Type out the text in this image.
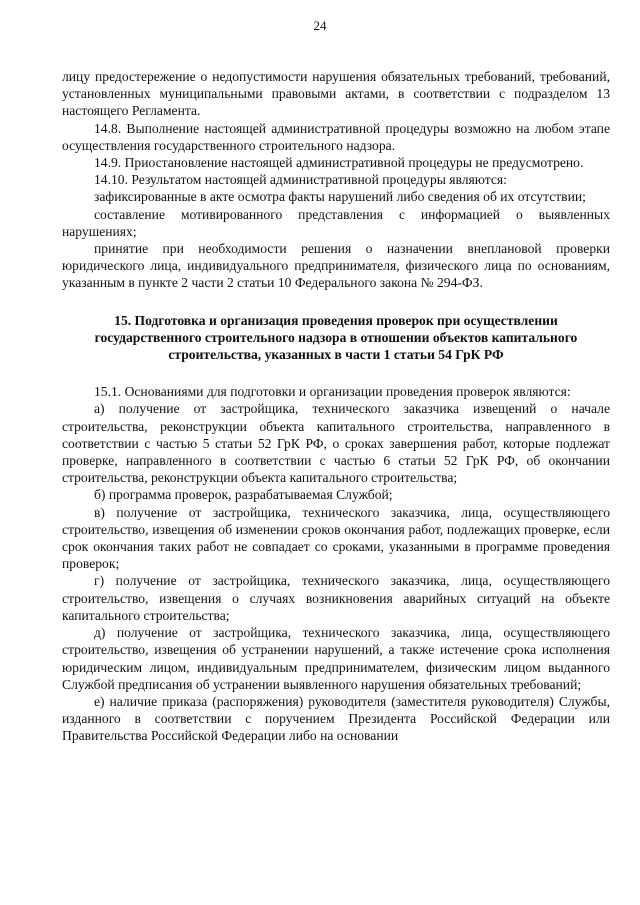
24

лицу предостережение о недопустимости нарушения обязательных требований, требований, установленных муниципальными правовыми актами, в соответствии с подразделом 13 настоящего Регламента.

14.8. Выполнение настоящей административной процедуры возможно на любом этапе осуществления государственного строительного надзора.

14.9. Приостановление настоящей административной процедуры не предусмотрено.

14.10. Результатом настоящей административной процедуры являются:

зафиксированные в акте осмотра факты нарушений либо сведения об их отсутствии;

составление мотивированного представления с информацией о выявленных нарушениях;

принятие при необходимости решения о назначении внеплановой проверки юридического лица, индивидуального предпринимателя, физического лица по основаниям, указанным в пункте 2 части 2 статьи 10 Федерального закона № 294-ФЗ.

15. Подготовка и организация проведения проверок при осуществлении государственного строительного надзора в отношении объектов капитального строительства, указанных в части 1 статьи 54 ГрК РФ

15.1. Основаниями для подготовки и организации проведения проверок являются:

а) получение от застройщика, технического заказчика извещений о начале строительства, реконструкции объекта капитального строительства, направленного в соответствии с частью 5 статьи 52 ГрК РФ, о сроках завершения работ, которые подлежат проверке, направленного в соответствии с частью 6 статьи 52 ГрК РФ, об окончании строительства, реконструкции объекта капитального строительства;

б) программа проверок, разрабатываемая Службой;

в) получение от застройщика, технического заказчика, лица, осуществляющего строительство, извещения об изменении сроков окончания работ, подлежащих проверке, если срок окончания таких работ не совпадает со сроками, указанными в программе проведения проверок;

г) получение от застройщика, технического заказчика, лица, осуществляющего строительство, извещения о случаях возникновения аварийных ситуаций на объекте капитального строительства;

д) получение от застройщика, технического заказчика, лица, осуществляющего строительство, извещения об устранении нарушений, а также истечение срока исполнения юридическим лицом, индивидуальным предпринимателем, физическим лицом выданного Службой предписания об устранении выявленного нарушения обязательных требований;

е) наличие приказа (распоряжения) руководителя (заместителя руководителя) Службы, изданного в соответствии с поручением Президента Российской Федерации или Правительства Российской Федерации либо на основании
